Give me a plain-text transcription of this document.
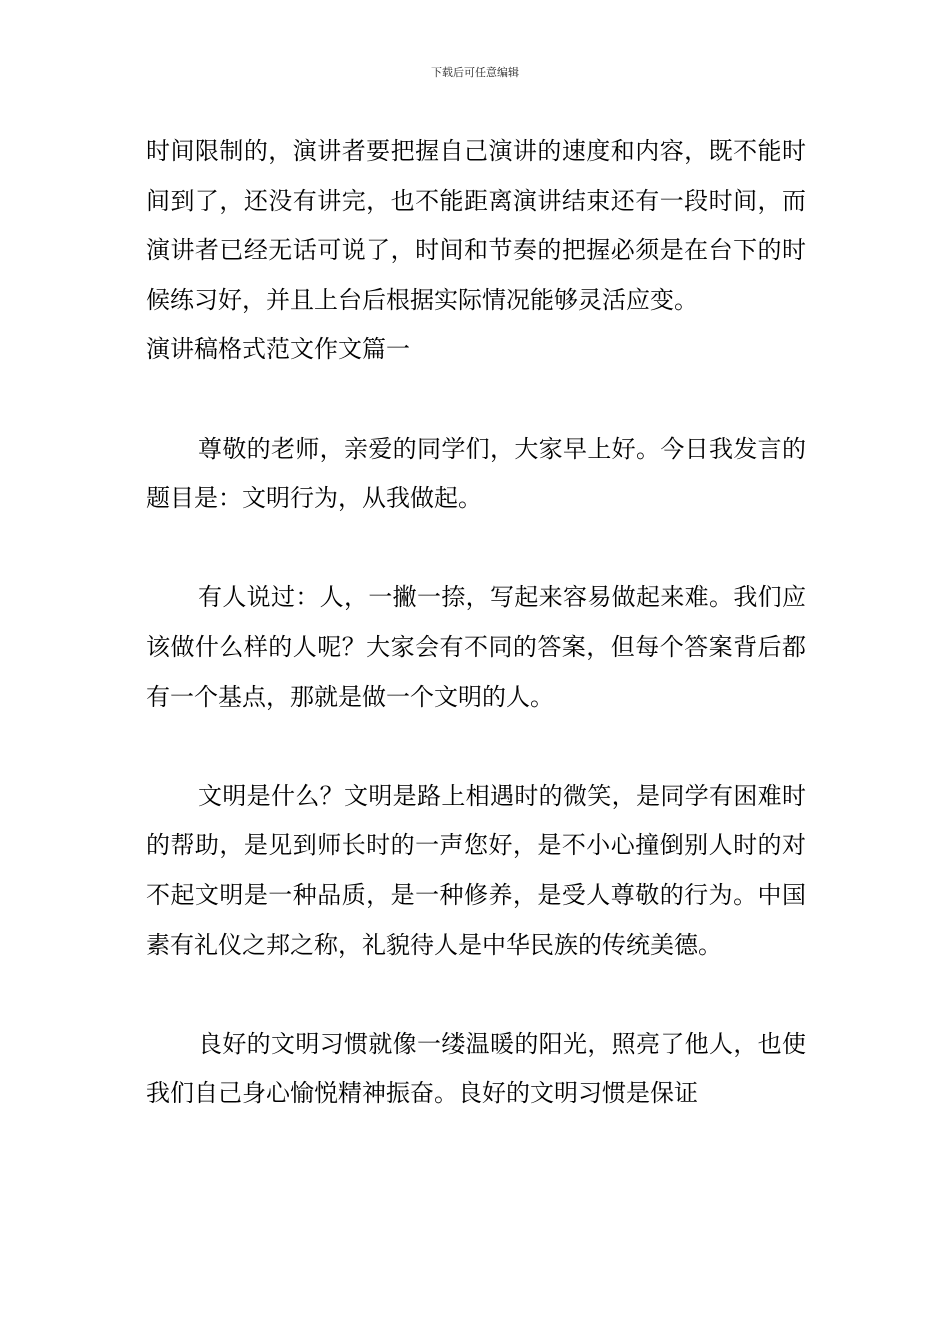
下载后可任意编辑

时间限制的，演讲者要把握自己演讲的速度和内容，既不能时间到了，还没有讲完，也不能距离演讲结束还有一段时间，而演讲者已经无话可说了，时间和节奏的把握必须是在台下的时候练习好，并且上台后根据实际情况能够灵活应变。

演讲稿格式范文作文篇一

尊敬的老师，亲爱的同学们，大家早上好。今日我发言的题目是：文明行为，从我做起。

有人说过：人，一撇一捺，写起来容易做起来难。我们应该做什么样的人呢？大家会有不同的答案，但每个答案背后都有一个基点，那就是做一个文明的人。

文明是什么？文明是路上相遇时的微笑，是同学有困难时的帮助，是见到师长时的一声您好，是不小心撞倒别人时的对不起文明是一种品质，是一种修养，是受人尊敬的行为。中国素有礼仪之邦之称，礼貌待人是中华民族的传统美德。

良好的文明习惯就像一缕温暖的阳光，照亮了他人，也使我们自己身心愉悦精神振奋。良好的文明习惯是保证
